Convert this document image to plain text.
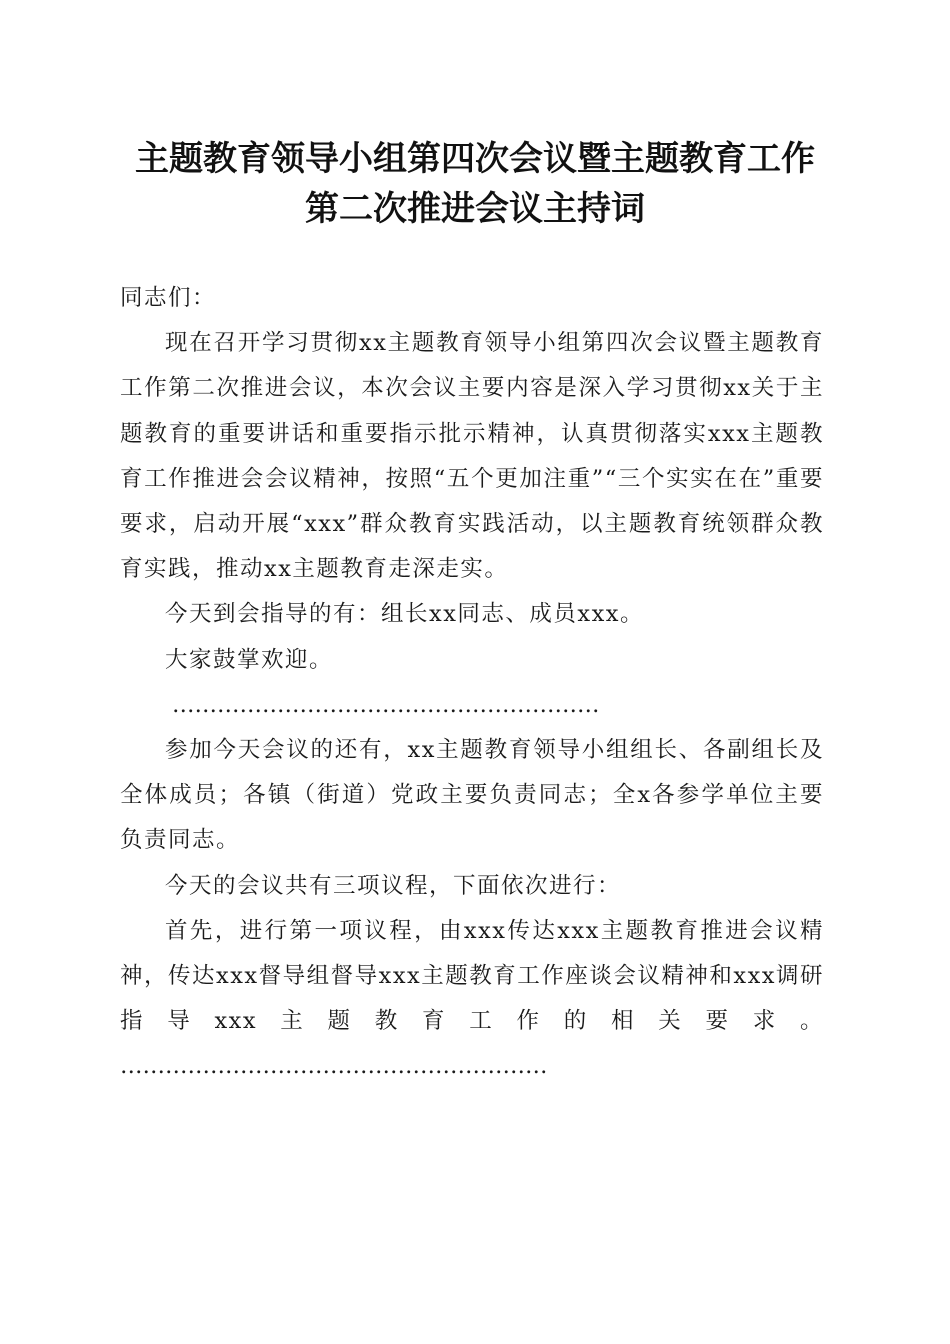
主题教育领导小组第四次会议暨主题教育工作
第二次推进会议主持词

同志们：

现在召开学习贯彻xx主题教育领导小组第四次会议暨主题教育工作第二次推进会议，本次会议主要内容是深入学习贯彻xx关于主题教育的重要讲话和重要指示批示精神，认真贯彻落实xxx主题教育工作推进会会议精神，按照“五个更加注重”“三个实实在在”重要要求，启动开展“xxx”群众教育实践活动，以主题教育统领群众教育实践，推动xx主题教育走深走实。

今天到会指导的有：组长xx同志、成员xxx。

大家鼓掌欢迎。

…………………………………………………

参加今天会议的还有，xx主题教育领导小组组长、各副组长及全体成员；各镇（街道）党政主要负责同志；全x各参学单位主要负责同志。

今天的会议共有三项议程，下面依次进行：

首先，进行第一项议程，由xxx传达xxx主题教育推进会议精神，传达xxx督导组督导xxx主题教育工作座谈会议精神和xxx调研指导xxx主题教育工作的相关要求。

…………………………………………………
